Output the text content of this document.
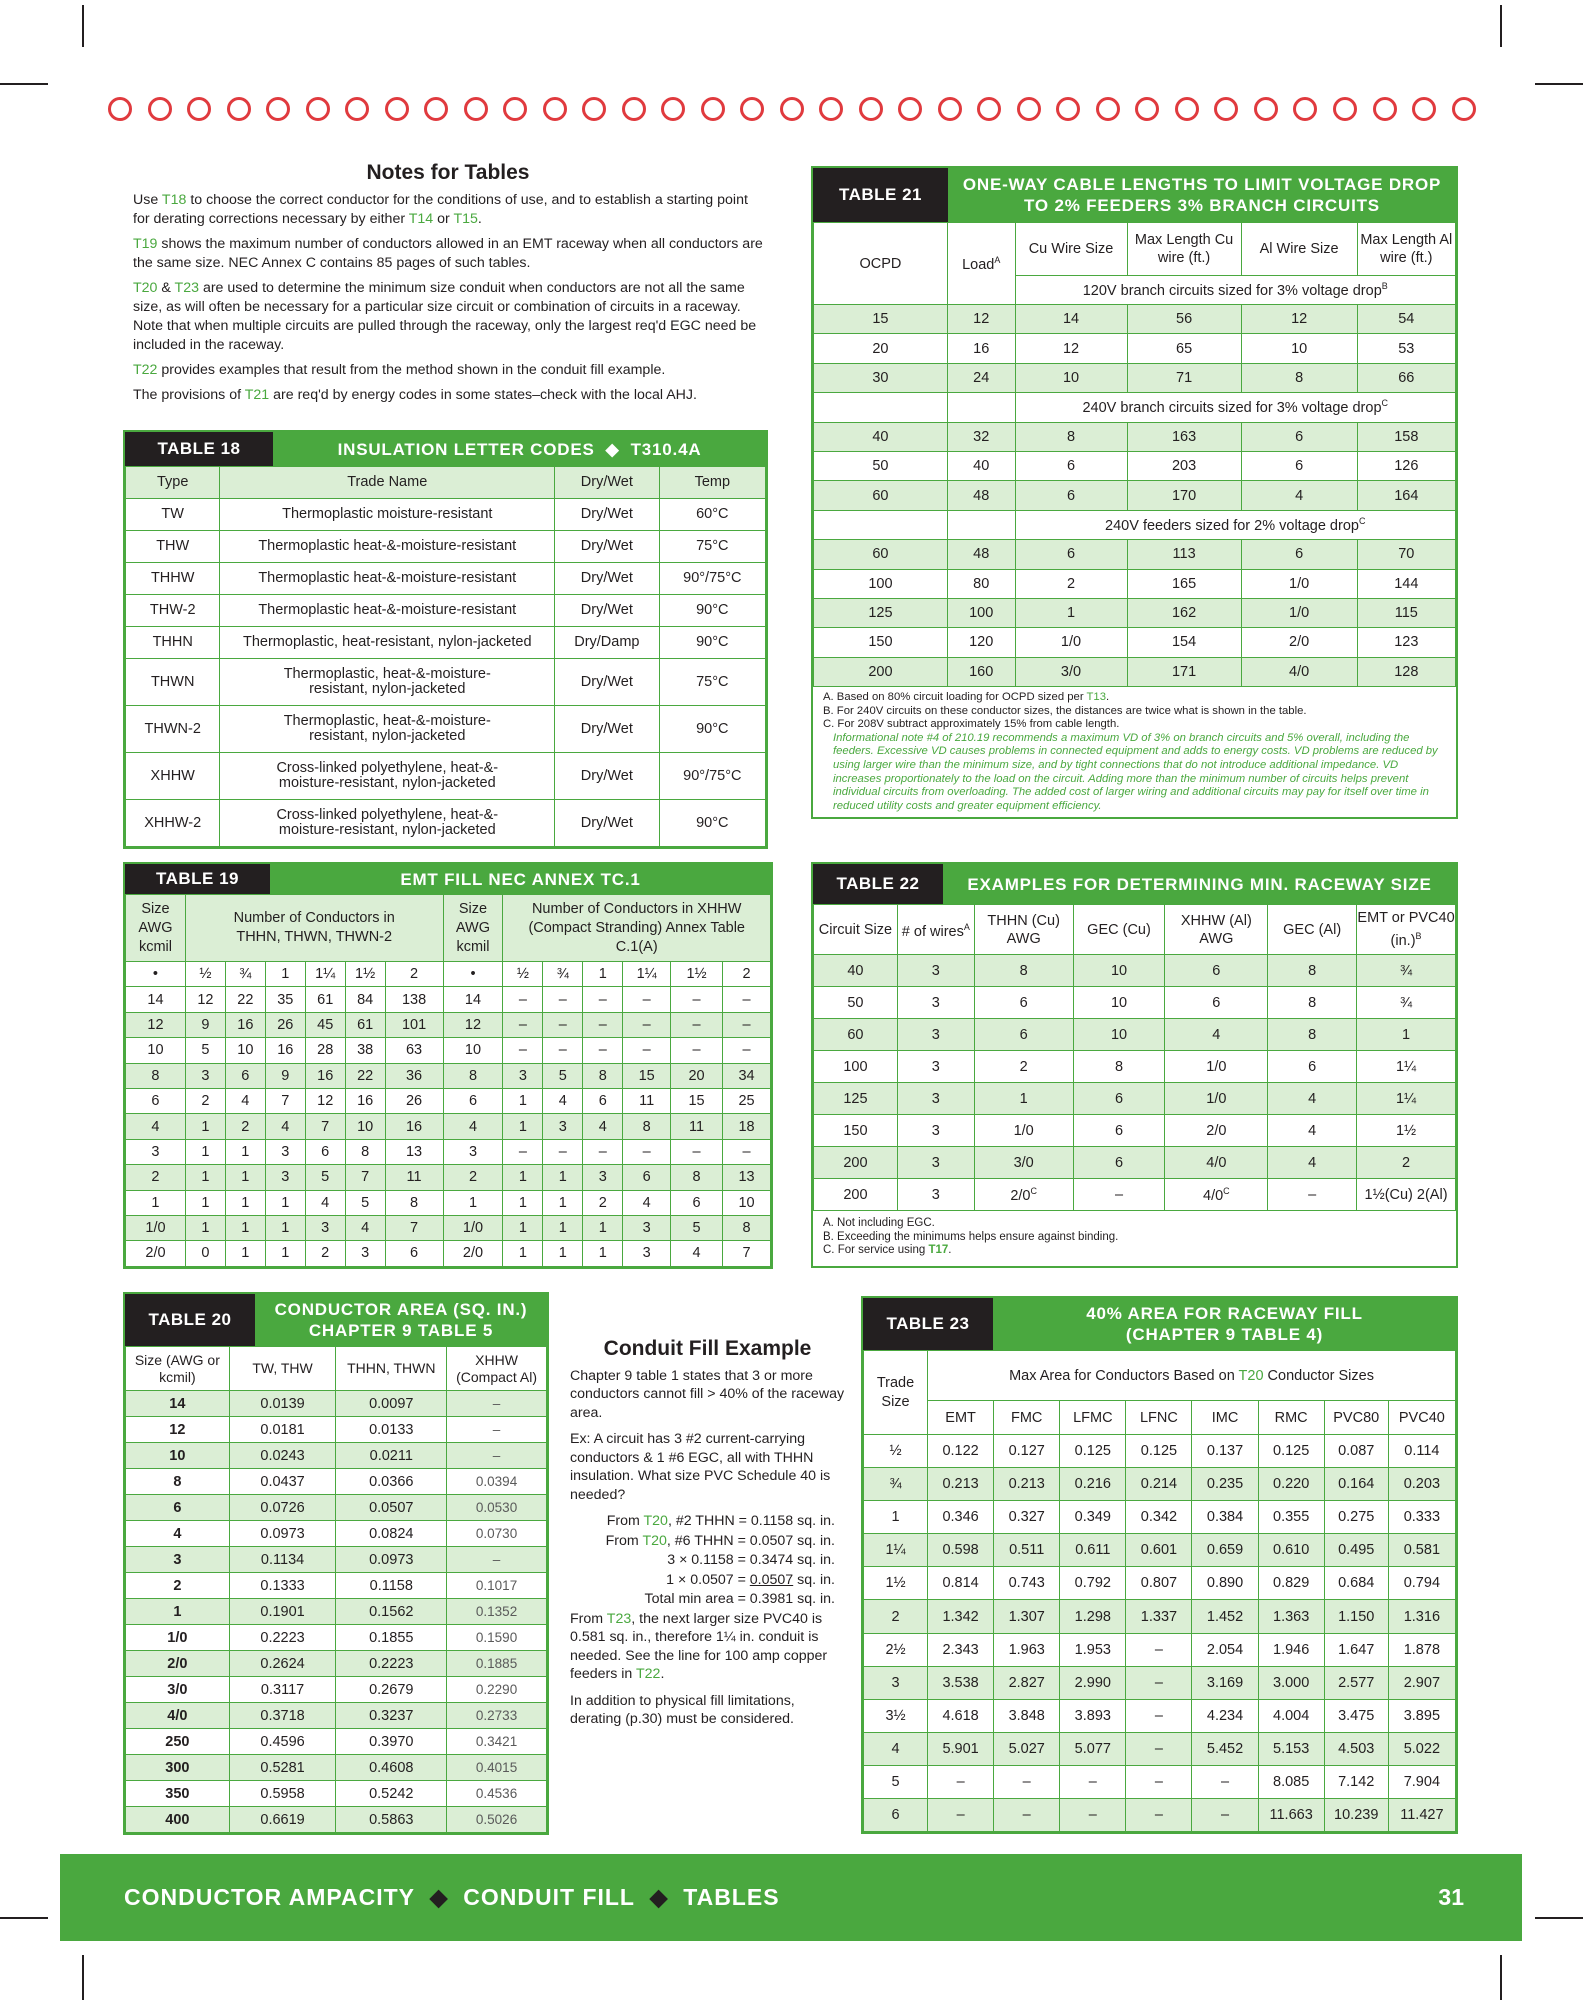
Notes for Tables

Use T18 to choose the correct conductor for the conditions of use, and to establish a starting point for derating corrections necessary by either T14 or T15.

T19 shows the maximum number of conductors allowed in an EMT raceway when all conductors are the same size. NEC Annex C contains 85 pages of such tables.

T20 & T23 are used to determine the minimum size conduit when conductors are not all the same size, as will often be necessary for a particular size circuit or combination of circuits in a raceway. Note that when multiple circuits are pulled through the raceway, only the largest req'd EGC need be included in the raceway.

T22 provides examples that result from the method shown in the conduit fill example.

The provisions of T21 are req'd by energy codes in some states–check with the local AHJ.

TABLE 18	INSULATION LETTER CODES
◆
T310.4A
Type	Trade Name	Dry/Wet	Temp
TW	Thermoplastic moisture-resistant	Dry/Wet	60°C
THW	Thermoplastic heat-&-moisture-resistant	Dry/Wet	75°C
THHW	Thermoplastic heat-&-moisture-resistant	Dry/Wet	90°/75°C
THW-2	Thermoplastic heat-&-moisture-resistant	Dry/Wet	90°C
THHN	Thermoplastic, heat-resistant, nylon-jacketed	Dry/Damp	90°C
THWN	Thermoplastic, heat-&-moisture-resistant, nylon-jacketed	Dry/Wet	75°C
THWN-2	Thermoplastic, heat-&-moisture-resistant, nylon-jacketed	Dry/Wet	90°C
XHHW	Cross-linked polyethylene, heat-&-moisture-resistant, nylon-jacketed	Dry/Wet	90°/75°C
XHHW-2	Cross-linked polyethylene, heat-&-moisture-resistant, nylon-jacketed	Dry/Wet	90°C
TABLE 19	EMT FILL NEC ANNEX TC.1
Size AWG kcmil	Number of Conductors in THHN, THWN, THWN-2						Size AWG kcmil	Number of Conductors in XHHW (Compact Stranding) Annex Table C.1(A)					
•	½	¾	1	1¼	1½	2	•	½	¾	1	1¼	1½	2
14	12	22	35	61	84	138	14	–	–	–	–	–	–
12	9	16	26	45	61	101	12	–	–	–	–	–	–
10	5	10	16	28	38	63	10	–	–	–	–	–	–
8	3	6	9	16	22	36	8	3	5	8	15	20	34
6	2	4	7	12	16	26	6	1	4	6	11	15	25
4	1	2	4	7	10	16	4	1	3	4	8	11	18
3	1	1	3	6	8	13	3	–	–	–	–	–	–
2	1	1	3	5	7	11	2	1	1	3	6	8	13
1	1	1	1	4	5	8	1	1	1	2	4	6	10
1/0	1	1	1	3	4	7	1/0	1	1	1	3	5	8
2/0	0	1	1	2	3	6	2/0	1	1	1	3	4	7
TABLE 20
CONDUCTOR AREA (SQ. IN.)
CHAPTER 9 TABLE 5
Size (AWG or kcmil)	TW, THW	THHN, THWN	XHHW (Compact Al)
14	0.0139	0.0097	–
12	0.0181	0.0133	–
10	0.0243	0.0211	–
8	0.0437	0.0366	0.0394
6	0.0726	0.0507	0.0530
4	0.0973	0.0824	0.0730
3	0.1134	0.0973	–
2	0.1333	0.1158	0.1017
1	0.1901	0.1562	0.1352
1/0	0.2223	0.1855	0.1590
2/0	0.2624	0.2223	0.1885
3/0	0.3117	0.2679	0.2290
4/0	0.3718	0.3237	0.2733
250	0.4596	0.3970	0.3421
300	0.5281	0.4608	0.4015
350	0.5958	0.5242	0.4536
400	0.6619	0.5863	0.5026
Conduit Fill Example

Chapter 9 table 1 states that 3 or more conductors cannot fill > 40% of the raceway area.

Ex: A circuit has 3 #2 current-carrying conductors & 1 #6 EGC, all with THHN insulation. What size PVC Schedule 40 is needed?

From T20, #2 THHN = 0.1158 sq. in.
From T20, #6 THHN = 0.0507 sq. in.
3 × 0.1158 = 0.3474 sq. in.
1 × 0.0507 = 0.0507 sq. in.
Total min area = 0.3981 sq. in.

From T23, the next larger size PVC40 is 0.581 sq. in., therefore 1¼ in. conduit is needed. See the line for 100 amp copper feeders in T22.

In addition to physical fill limitations, derating (p.30) must be considered.

TABLE 21
ONE-WAY CABLE LENGTHS TO LIMIT VOLTAGE DROP
TO 2% FEEDERS 3% BRANCH CIRCUITS
OCPD	Load$^A$	Cu Wire Size	Max Length Cu wire (ft.)	Al Wire Size	Max Length Al wire (ft.)
		120V branch circuits sized for 3% voltage drop$^B$
15	12	14	56	12	54
20	16	12	65	10	53
30	24	10	71	8	66
		240V branch circuits sized for 3% voltage drop$^C$
40	32	8	163	6	158
50	40	6	203	6	126
60	48	6	170	4	164
		240V feeders sized for 2% voltage drop$^C$
60	48	6	113	6	70
100	80	2	165	1/0	144
125	100	1	162	1/0	115
150	120	1/0	154	2/0	123
200	160	3/0	171	4/0	128
A. Based on 80% circuit loading for OCPD sized per T13.
B. For 240V circuits on these conductor sizes, the distances are twice what is shown in the table.
C. For 208V subtract approximately 15% from cable length.
Informational note #4 of 210.19 recommends a maximum VD of 3% on branch circuits and 5% overall, including the feeders. Excessive VD causes problems in connected equipment and adds to energy costs. VD problems are reduced by using larger wire than the minimum size, and by tight connections that do not introduce additional impedance. VD increases proportionately to the load on the circuit. Adding more than the minimum number of circuits helps prevent individual circuits from overloading. The added cost of larger wiring and additional circuits may pay for itself over time in reduced utility costs and greater equipment efficiency.
TABLE 22	EXAMPLES FOR DETERMINING MIN. RACEWAY SIZE
Circuit Size	# of wires$^A$	THHN (Cu) AWG	GEC (Cu)	XHHW (Al) AWG	GEC (Al)	EMT or PVC40 $(in.)^B$
40	3	8	10	6	8	¾
50	3	6	10	6	8	¾
60	3	6	10	4	8	1
100	3	2	8	1/0	6	1¼
125	3	1	6	1/0	4	1¼
150	3	1/0	6	2/0	4	1½
200	3	3/0	6	4/0	4	2
200	3	$2/0^C$	–	$4/0^C$	–	1½(Cu) 2(Al)
A. Not including EGC.
B. Exceeding the minimums helps ensure against binding.
C. For service using T17.
TABLE 23
40% AREA FOR RACEWAY FILL
(CHAPTER 9 TABLE 4)
Trade Size	Max Area for Conductors Based on T20 Conductor Sizes							
	EMT	FMC	LFMC	LFNC	IMC	RMC	PVC80	PVC40
½	0.122	0.127	0.125	0.125	0.137	0.125	0.087	0.114
¾	0.213	0.213	0.216	0.214	0.235	0.220	0.164	0.203
1	0.346	0.327	0.349	0.342	0.384	0.355	0.275	0.333
1¼	0.598	0.511	0.611	0.601	0.659	0.610	0.495	0.581
1½	0.814	0.743	0.792	0.807	0.890	0.829	0.684	0.794
2	1.342	1.307	1.298	1.337	1.452	1.363	1.150	1.316
2½	2.343	1.963	1.953	–	2.054	1.946	1.647	1.878
3	3.538	2.827	2.990	–	3.169	3.000	2.577	2.907
3½	4.618	3.848	3.893	–	4.234	4.004	3.475	3.895
4	5.901	5.027	5.077	–	5.452	5.153	4.503	5.022
5	–	–	–	–	–	8.085	7.142	7.904
6	–	–	–	–	–	11.663	10.239	11.427
CONDUCTOR AMPACITY ◆ CONDUIT FILL ◆ TABLES	31
